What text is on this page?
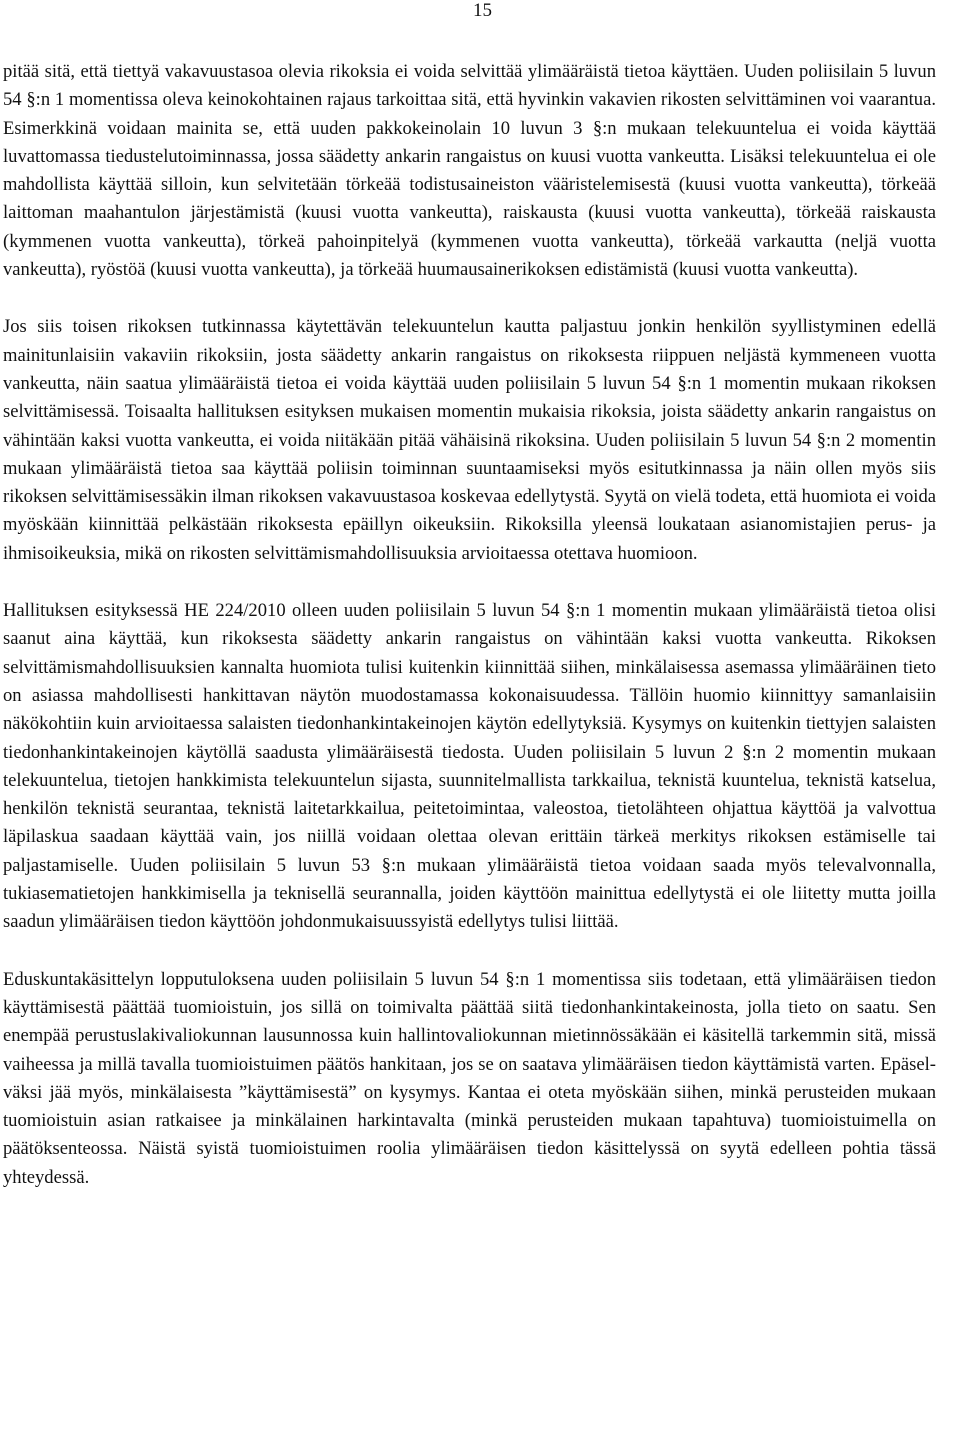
15

pitää sitä, että tiettyä vakavuustasoa olevia rikoksia ei voida selvittää ylimääräistä tietoa käyttäen. Uuden poliisilain 5 luvun 54 §:n 1 momentissa oleva keinokohtainen rajaus tarkoittaa sitä, että hyvinkin vakavien rikosten selvittäminen voi vaarantua. Esimerkkinä voidaan mainita se, että uuden pakkokeinolain 10 luvun 3 §:n mukaan telekuuntelua ei voida käyttää luvattomassa tiedustelutoiminnassa, jossa säädetty ankarin rangaistus on kuusi vuotta vankeutta. Lisäksi telekuuntelua ei ole mahdollista käyttää silloin, kun selvitetään törkeää todistusaineiston vääristelemisestä (kuusi vuotta vankeutta), törkeää laittoman maahantulon järjestämistä (kuusi vuotta vankeutta), raiskausta (kuusi vuotta vankeutta), törkeää raiskausta (kymmenen vuotta vankeutta), törkeä pahoinpitelyä (kymmenen vuotta vankeutta), törkeää varkautta (neljä vuotta vankeutta), ryöstöä (kuusi vuotta vankeutta), ja törkeää huumausainerikoksen edistämistä (kuusi vuotta vankeutta).

Jos siis toisen rikoksen tutkinnassa käytettävän telekuuntelun kautta paljastuu jonkin henkilön syyllistyminen edellä mainitunlaisiin vakaviin rikoksiin, josta säädetty ankarin rangaistus on rikoksesta riippuen neljästä kymmeneen vuotta vankeutta, näin saatua ylimääräistä tietoa ei voida käyttää uuden poliisilain 5 luvun 54 §:n 1 momentin mukaan rikoksen selvittämisessä. Toisaalta hallituksen esityksen mukaisen momentin mukaisia rikoksia, joista säädetty ankarin rangaistus on vähintään kaksi vuotta vankeutta, ei voida niitäkään pitää vähäisinä rikoksina. Uuden poliisilain 5 luvun 54 §:n 2 momentin mukaan ylimääräistä tietoa saa käyttää poliisin toiminnan suuntaamiseksi myös esitutkinnassa ja näin ollen myös siis rikoksen selvittämisessäkin ilman rikoksen vakavuustasoa koskevaa edellytystä. Syytä on vielä todeta, että huomiota ei voida myöskään kiinnittää pelkästään rikoksesta epäillyn oikeuksiin. Rikoksilla yleensä loukataan asianomistajien perus- ja ihmisoikeuksia, mikä on rikosten selvittämismahdollisuuksia arvioitaessa otettava huomioon.

Hallituksen esityksessä HE 224/2010 olleen uuden poliisilain 5 luvun 54 §:n 1 momentin mukaan ylimääräistä tietoa olisi saanut aina käyttää, kun rikoksesta säädetty ankarin rangaistus on vähintään kaksi vuotta vankeutta. Rikoksen selvittämismahdollisuuksien kannalta huomiota tulisi kuitenkin kiinnittää siihen, minkälaisessa asemassa ylimääräinen tieto on asiassa mahdollisesti hankittavan näytön muodostamassa kokonaisuudessa. Tällöin huomio kiinnittyy samanlaisiin näkökohtiin kuin arvioitaessa salaisten tiedonhankintakeinojen käytön edellytyksiä. Kysymys on kuitenkin tiettyjen salaisten tiedonhankintakeinojen käytöllä saadusta ylimääräisestä tiedosta. Uuden poliisilain 5 luvun 2 §:n 2 momentin mukaan telekuuntelua, tietojen hankkimista telekuuntelun sijasta, suunnitelmallista tarkkailua, teknistä kuuntelua, teknistä katselua, henkilön teknistä seurantaa, teknistä laitetarkkailua, peitetoimintaa, valeostoa, tietolähteen ohjattua käyttöä ja valvottua läpilaskua saadaan käyttää vain, jos niillä voidaan olettaa olevan erittäin tärkeä merkitys rikoksen estämiselle tai paljastamiselle. Uuden poliisilain 5 luvun 53 §:n mukaan ylimääräistä tietoa voidaan saada myös televalvonnalla, tukiasematietojen hankkimisella ja teknisellä seurannalla, joiden käyttöön mainittua edellytystä ei ole liitetty mutta joilla saadun ylimääräisen tiedon käyttöön johdonmukaisuussyistä edellytys tulisi liittää.

Eduskuntakäsittelyn lopputuloksena uuden poliisilain 5 luvun 54 §:n 1 momentissa siis todetaan, että ylimääräisen tiedon käyttämisestä päättää tuomioistuin, jos sillä on toimivalta päättää siitä tiedonhankintakeinosta, jolla tieto on saatu. Sen enempää perustuslakivaliokunnan lausunnossa kuin hallintovaliokunnan mietinnössäkään ei käsitellä tarkemmin sitä, missä vaiheessa ja millä tavalla tuomioistuimen päätös hankitaan, jos se on saatava ylimääräisen tiedon käyttämistä varten. Epäselväksi jää myös, minkälaisesta ”käyttämisestä” on kysymys. Kantaa ei oteta myöskään siihen, minkä perusteiden mukaan tuomioistuin asian ratkaisee ja minkälainen harkintavalta (minkä perusteiden mukaan tapahtuva) tuomioistuimella on päätöksenteossa. Näistä syistä tuomioistuimen roolia ylimääräisen tiedon käsittelyssä on syytä edelleen pohtia tässä yhteydessä.
